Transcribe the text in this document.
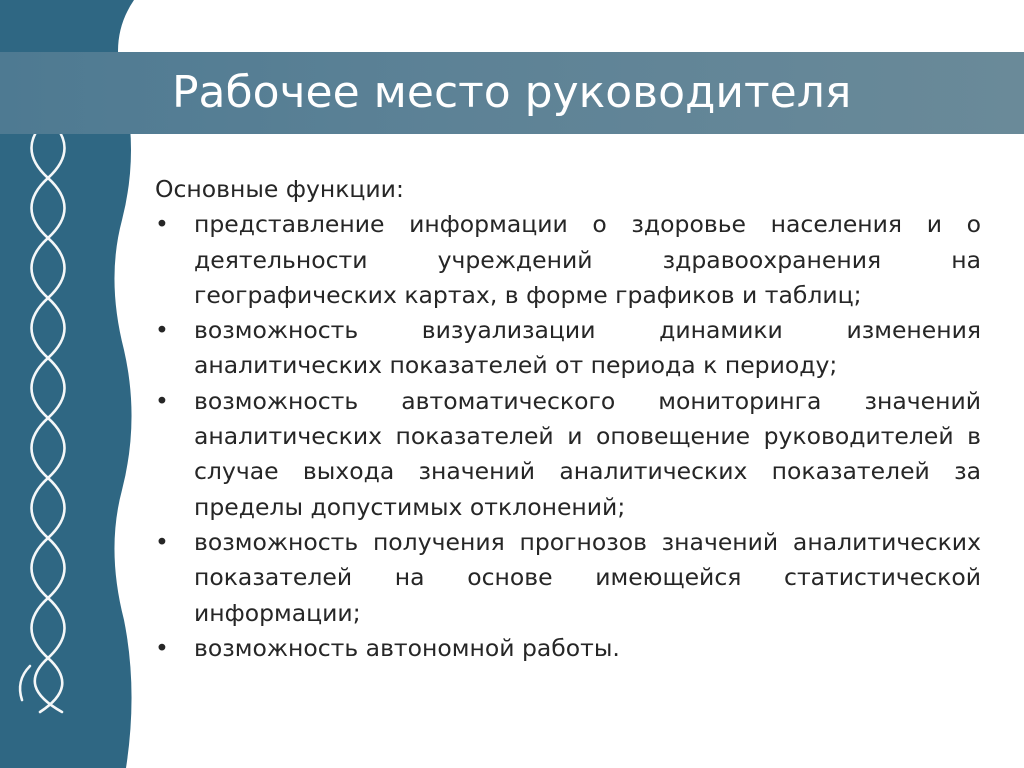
Рабочее место руководителя

Основные функции:

• представление информации о здоровье населения и о деятельности учреждений здравоохранения на географических картах, в форме графиков и таблиц;
• возможность визуализации динамики изменения аналитических показателей от периода к периоду;
• возможность автоматического мониторинга значений аналитических показателей и оповещение руководителей в случае выхода значений аналитических показателей за пределы допустимых отклонений;
• возможность получения прогнозов значений аналитических показателей на основе имеющейся статистической информации;
• возможность автономной работы.
